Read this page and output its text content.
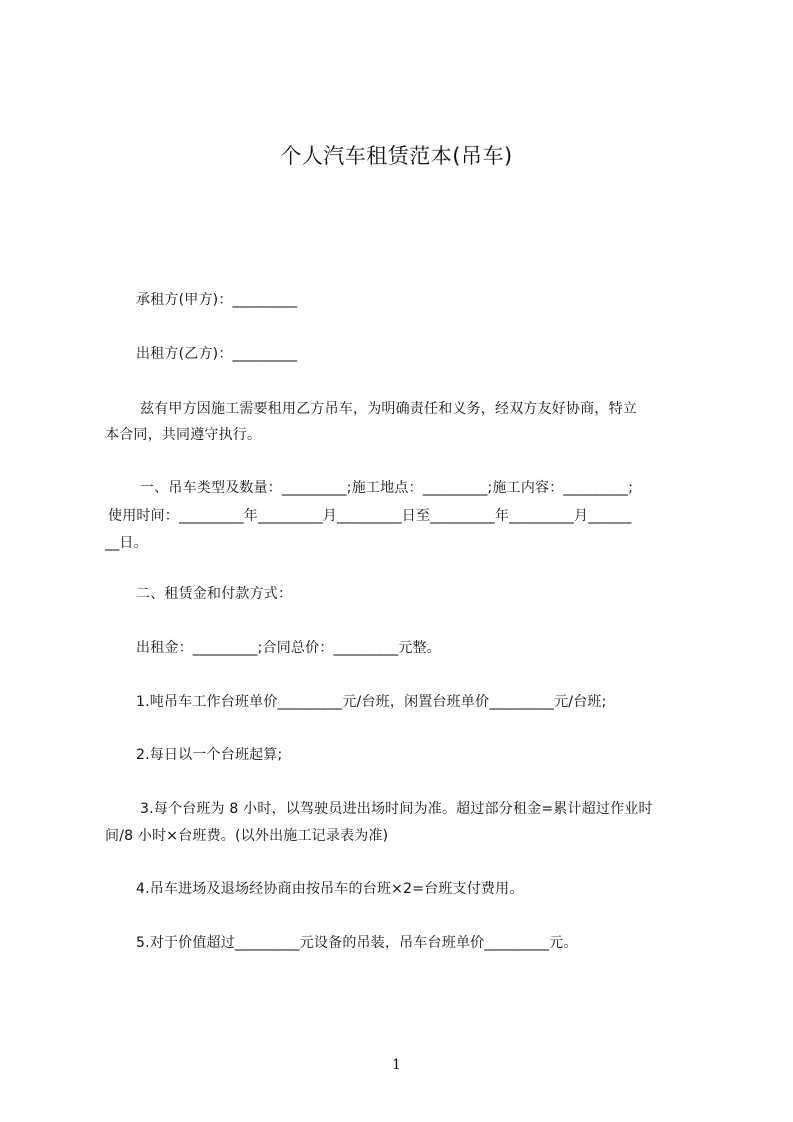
个人汽车租赁范本(吊车)
承租方(甲方)：_________
出租方(乙方)：_________
兹有甲方因施工需要租用乙方吊车，为明确责任和义务，经双方友好协商，特立
本合同，共同遵守执行。
一、吊车类型及数量：_________;施工地点：_________;施工内容：_________;
使用时间：_________年_________月_________日至_________年_________月______
__日。
二、租赁金和付款方式：
出租金：_________;合同总价：_________元整。
1.吨吊车工作台班单价_________元/台班，闲置台班单价_________元/台班;
2.每日以一个台班起算;
3.每个台班为 8 小时，以驾驶员进出场时间为准。超过部分租金=累计超过作业时
间/8 小时×台班费。(以外出施工记录表为准)
4.吊车进场及退场经协商由按吊车的台班×2=台班支付费用。
5.对于价值超过_________元设备的吊装，吊车台班单价_________元。
1
